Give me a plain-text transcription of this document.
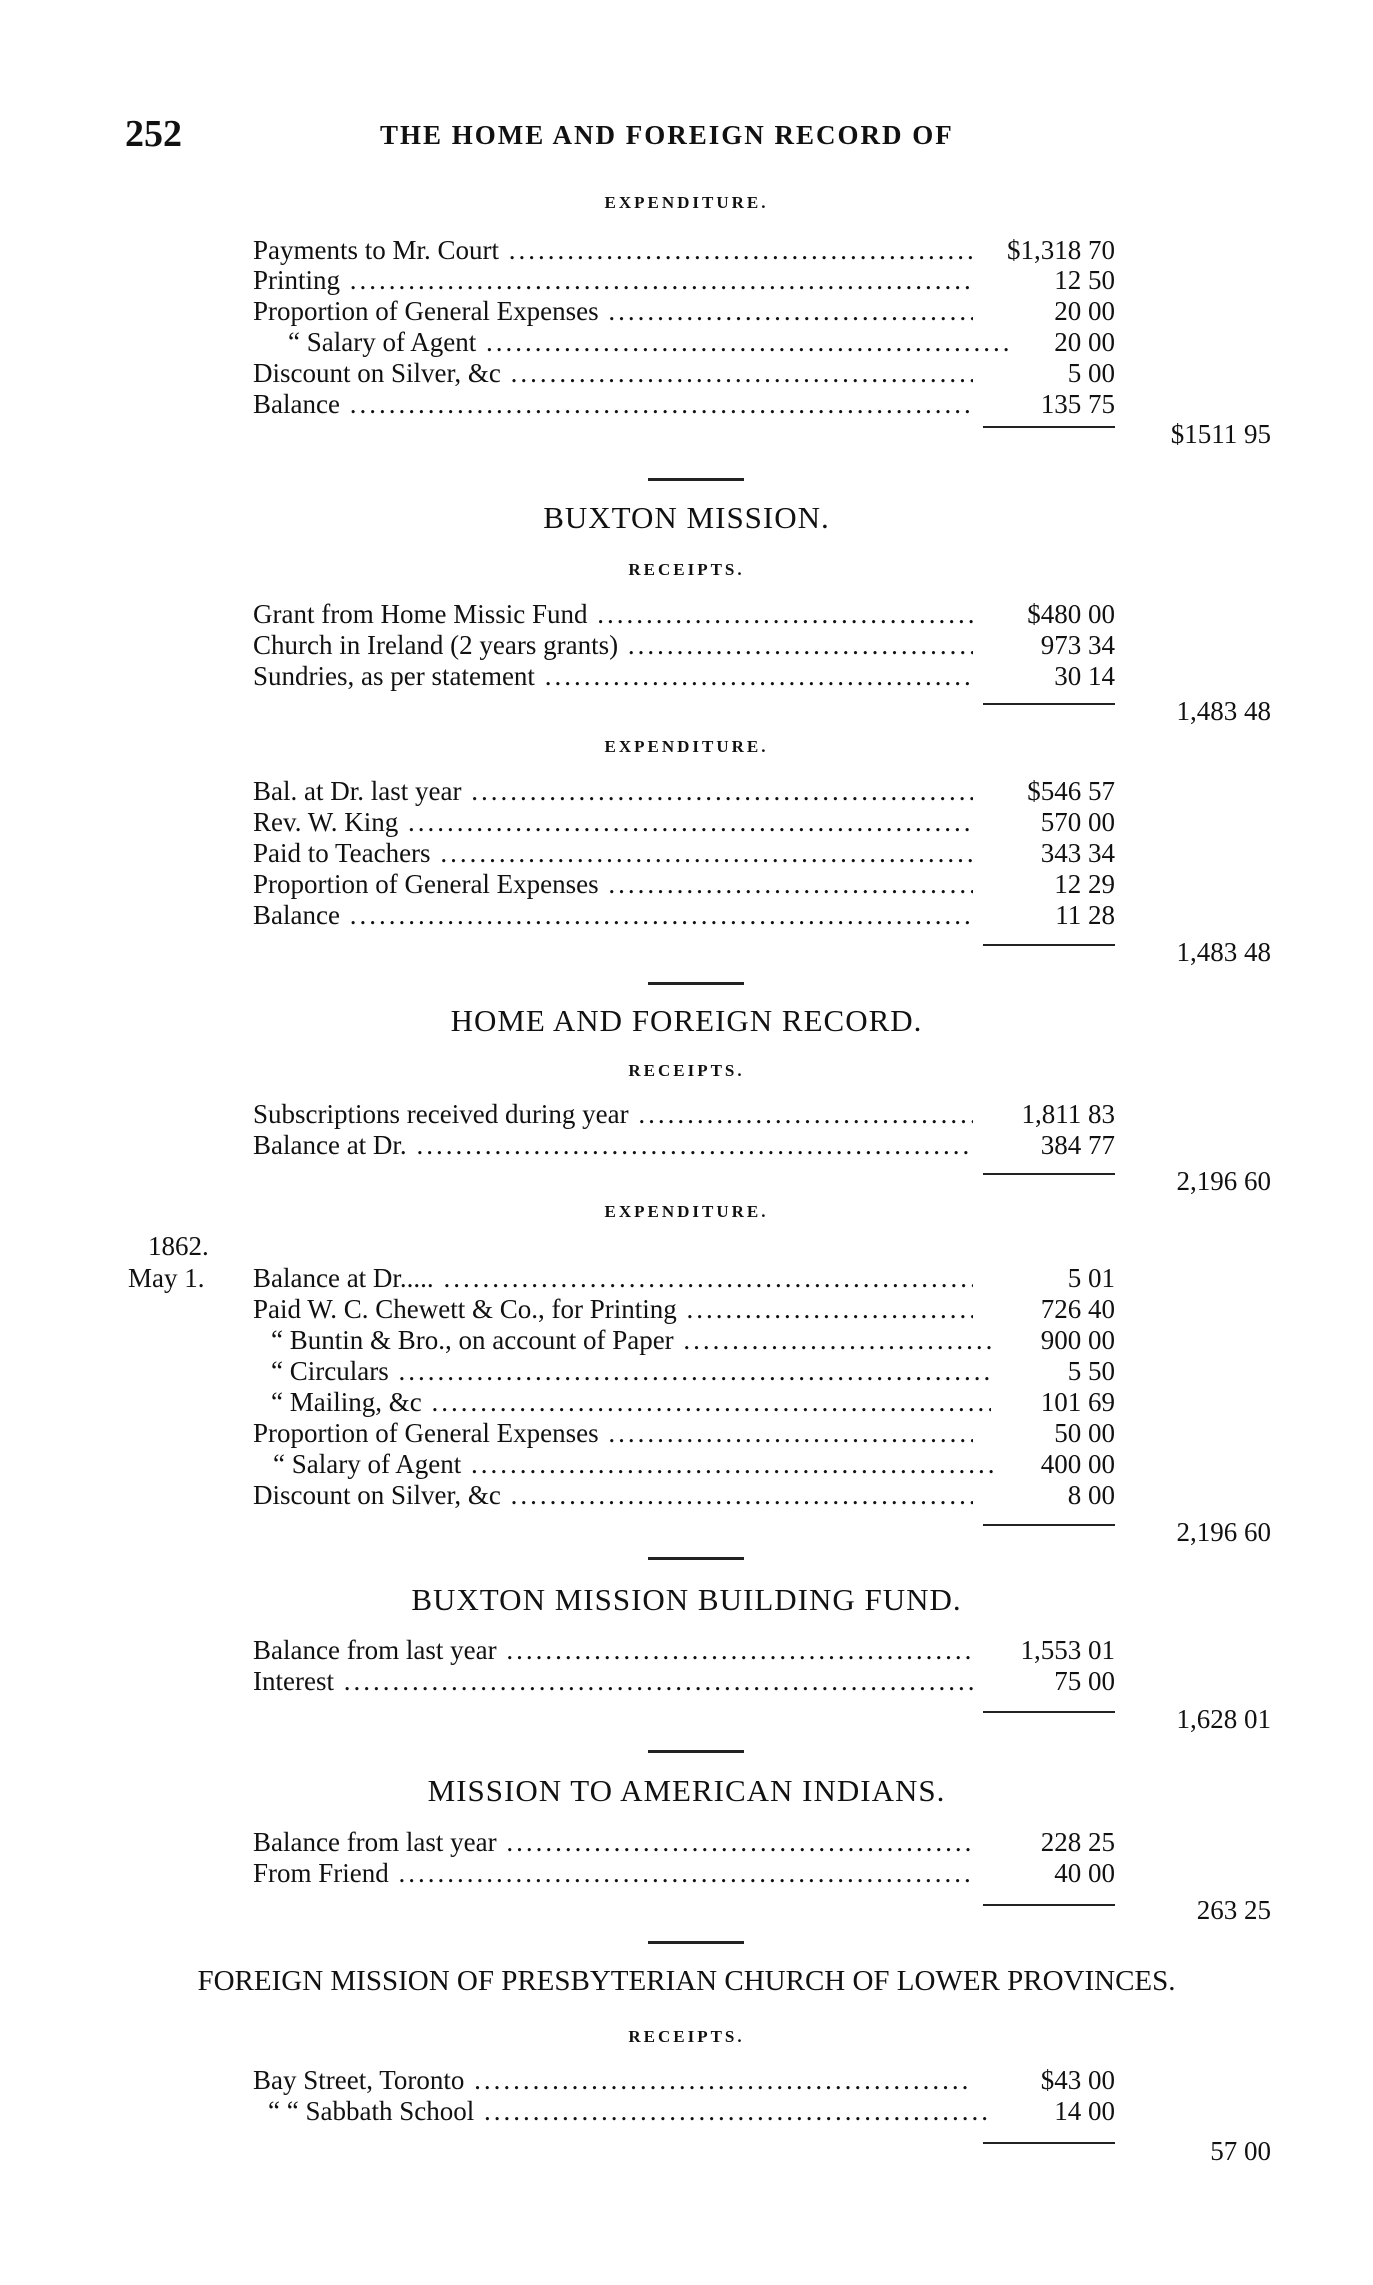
252	THE HOME AND FOREIGN RECORD OF
EXPENDITURE.
Payments to Mr. Court .....	$1,318 70
Printing .....	12 50
Proportion of General Expenses .....	20 00
“ Salary of Agent .....	20 00
Discount on Silver, &c .....	5 00
Balance .....	135 75
$1511 95
BUXTON MISSION.
RECEIPTS.
Grant from Home Missic Fund .....	$480 00
Church in Ireland (2 years grants) .....	973 34
Sundries, as per statement .....	30 14
1,483 48
EXPENDITURE.
Bal. at Dr. last year .....	$546 57
Rev. W. King .....	570 00
Paid to Teachers .....	343 34
Proportion of General Expenses .....	12 29
Balance .....	11 28
1,483 48
HOME AND FOREIGN RECORD.
RECEIPTS.
Subscriptions received during year .....	1,811 83
Balance at Dr. .....	384 77
2,196 60
EXPENDITURE.
1862.
May 1. Balance at Dr..... .....	5 01
Paid W. C. Chewett & Co., for Printing .....	726 40
“ Buntin & Bro., on account of Paper .....	900 00
“ Circulars .....	5 50
“ Mailing, &c .....	101 69
Proportion of General Expenses .....	50 00
“ Salary of Agent .....	400 00
Discount on Silver, &c .....	8 00
2,196 60
BUXTON MISSION BUILDING FUND.
Balance from last year .....	1,553 01
Interest .....	75 00
1,628 01
MISSION TO AMERICAN INDIANS.
Balance from last year .....	228 25
From Friend .....	40 00
263 25
FOREIGN MISSION OF PRESBYTERIAN CHURCH OF LOWER PROVINCES.
RECEIPTS.
Bay Street, Toronto .....	$43 00
“ “ Sabbath School .....	14 00
57 00
